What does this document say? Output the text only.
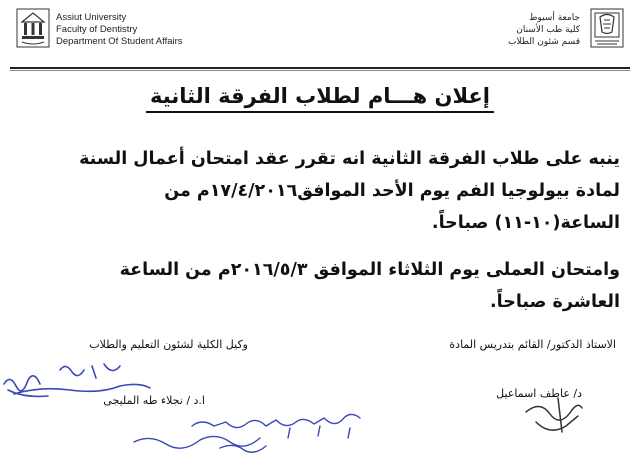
Assiut University
Faculty of Dentistry
Department Of Student Affairs
جامعة أسيوط
كلية طب الأسنان
قسم شئون الطلاب
إعلان هـــام لطلاب الفرقة الثانية
ينبه على طلاب الفرقة الثانية انه تقرر عقد امتحان أعمال السنة
لمادة بيولوجيا الفم يوم الأحد الموافق١٧/٤/٢٠١٦م من
الساعة(١٠-١١) صباحاً.
وامتحان العملى يوم الثلاثاء الموافق ٢٠١٦/٥/٣م من الساعة
العاشرة صباحاً.
الاستاذ الدكتور/ القائم بتدريس المادة
د/ عاطف اسماعيل
وكيل الكلية لشئون التعليم والطلاب
ا.د / نجلاء طه المليجى
